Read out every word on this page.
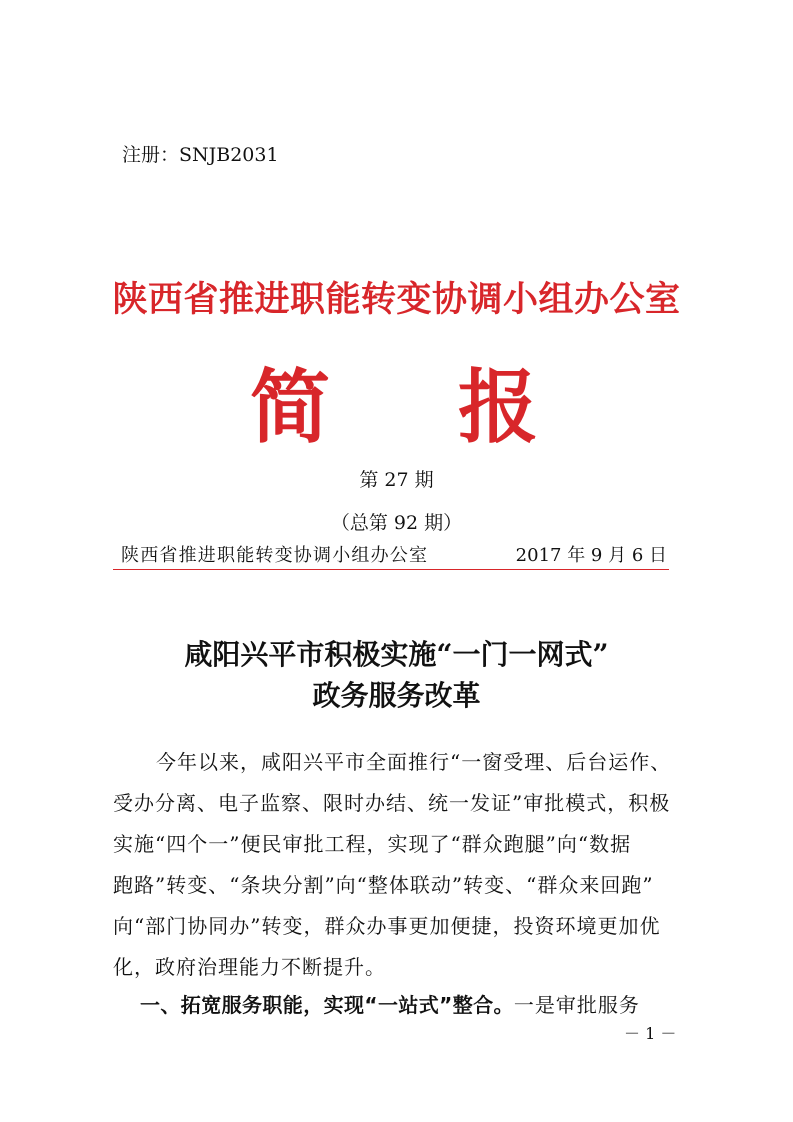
注册：SNJB2031
陕西省推进职能转变协调小组办公室
简 报
第 27 期
（总第 92 期）
陕西省推进职能转变协调小组办公室	2017 年 9 月 6 日
咸阳兴平市积极实施“一门一网式”
政务服务改革
今年以来，咸阳兴平市全面推行“一窗受理、后台运作、
受办分离、电子监察、限时办结、统一发证”审批模式，积极
实施“四个一”便民审批工程，实现了“群众跑腿”向“数据
跑路”转变、“条块分割”向“整体联动”转变、“群众来回跑”
向“部门协同办”转变，群众办事更加便捷，投资环境更加优
化，政府治理能力不断提升。
一、拓宽服务职能，实现“一站式”整合。一是审批服务
－ 1 －
